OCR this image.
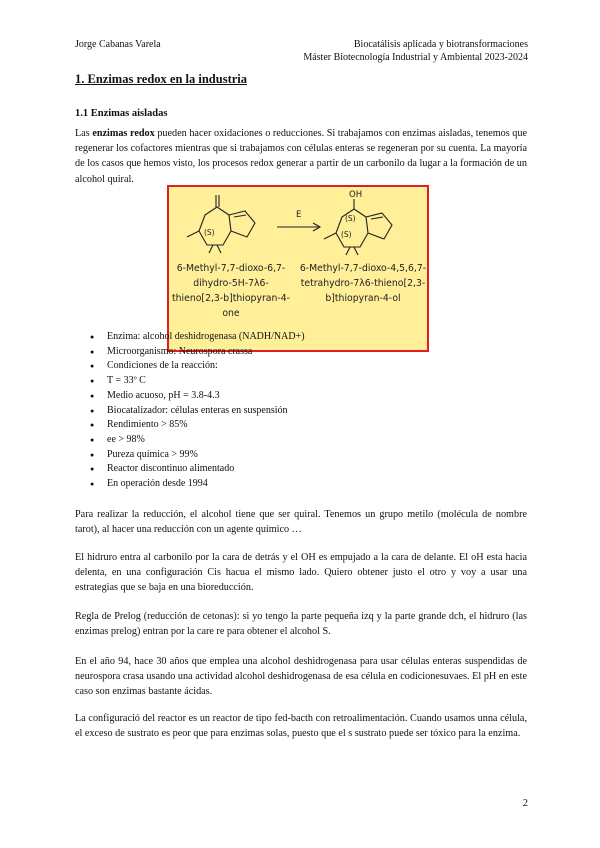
Jorge Cabanas Varela	Biocatálisis aplicada y biotransformaciones
Máster Biotecnología Industrial y Ambiental 2023-2024
1. Enzimas redox en la industria
1.1 Enzimas aisladas
Las enzimas redox pueden hacer oxidaciones o reducciones. Si trabajamos con enzimas aisladas, tenemos que regenerar los cofactores mientras que si trabajamos con células enteras se regeneran por su cuenta. La mayoría de los casos que hemos visto, los procesos redox generar a partir de un carbonilo da lugar a la formación de un alcohol quiral.
(S)
(S)
(S)
OH
E
6-Methyl-7,7-dioxo-6,7-dihydro-5H-7λ6-thieno[2,3-b]thiopyran-4-one
6-Methyl-7,7-dioxo-4,5,6,7-tetrahydro-7λ6-thieno[2,3-b]thiopyran-4-ol
● Enzima: alcohol deshidrogenasa (NADH/NAD+)
● Microorganismo: Neurospora crassa
● Condiciones de la reacción:
● T = 33º C
● Medio acuoso, pH = 3.8-4.3
● Biocatalizador: células enteras en suspensión
● Rendimiento > 85%
● ee > 98%
● Pureza química > 99%
● Reactor discontinuo alimentado
● En operación desde 1994
Para realizar la reducción, el alcohol tiene que ser quiral. Tenemos un grupo metilo (molécula de nombre tarot), al hacer una reducción con un agente químico …
El hidruro entra al carbonilo por la cara de detrás y el OH es empujado a la cara de delante. El oH esta hacia delenta, en una configuración Cis hacua el mismo lado. Quiero obtener justo el otro y voy a usar una estrategias que se baja en una bioreducción.
Regla de Prelog (reducción de cetonas): si yo tengo la parte pequeña izq y la parte grande dch, el hidruro (las enzimas prelog) entran por la care re para obtener el alcohol S.
En el año 94, hace 30 años que emplea una alcohol deshidrogenasa para usar células enteras suspendidas de neurospora crasa usando una actividad alcohol deshidrogenasa de esa célula en codicionesuvaes. El pH en este caso son enzimas bastante ácidas.
La configuració del reactor es un reactor de tipo fed-bacth con retroalimentación. Cuando usamos unna célula, el exceso de sustrato es peor que para enzimas solas, puesto que el s sustrato puede ser tóxico para la enzima.
2
